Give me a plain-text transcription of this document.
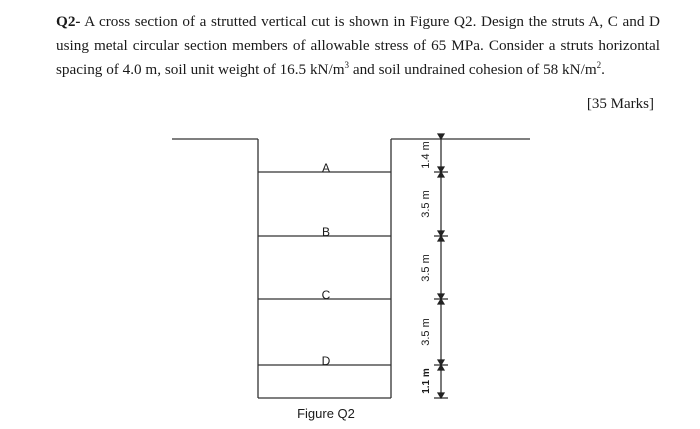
Q2- A cross section of a strutted vertical cut is shown in Figure Q2. Design the struts A, C and D using metal circular section members of allowable stress of 65 MPa. Consider a struts horizontal spacing of 4.0 m, soil unit weight of 16.5 $kN/m^3$ and soil undrained cohesion of 58 $kN/m^2$.
[35 Marks]
A
B
C
D
1.4 m
3.5 m
3.5 m
3.5 m
1.1 m
Figure Q2
